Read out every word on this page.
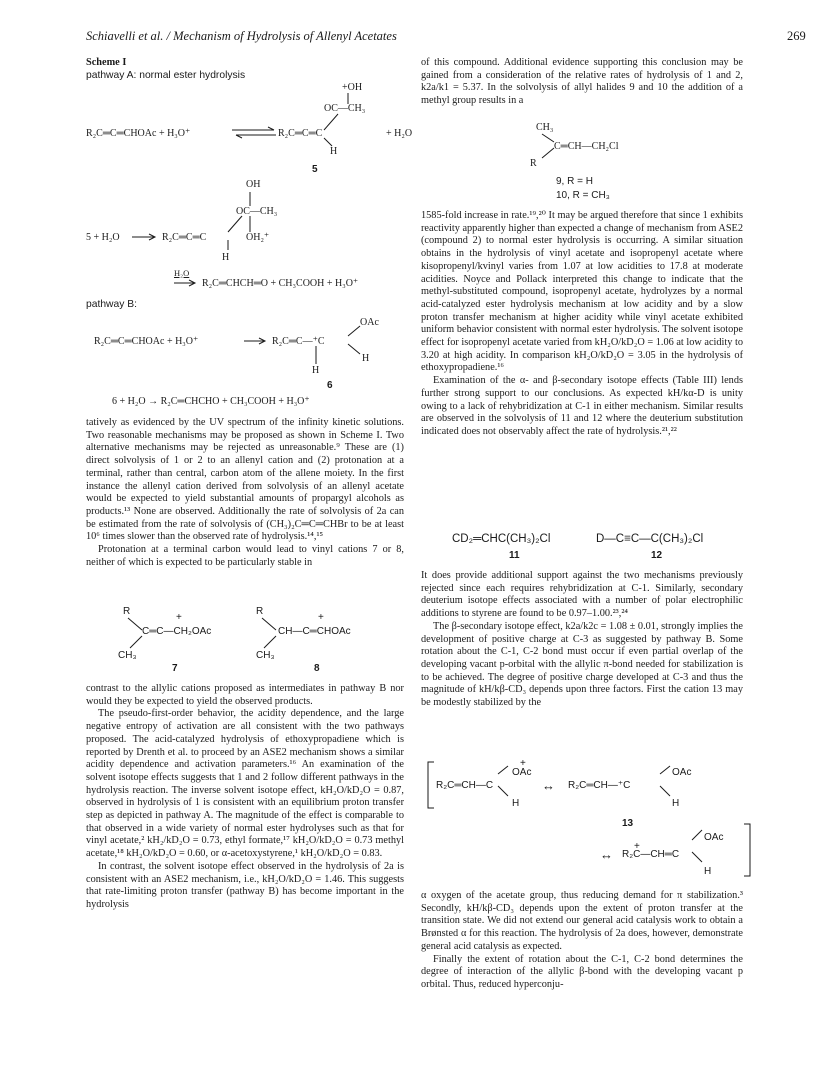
Schiavelli et al. / Mechanism of Hydrolysis of Allenyl Acetates	269
Scheme I
pathway A: normal ester hydrolysis
R₂C═C═CHOAc + H₃O⁺	R₂C═C═C
+OH
OC—CH₃
H
+ H₂O
5
5 + H₂O → R₂C═C═C
OH
OC—CH₃
OH₂⁺
H
H₂O
→ R₂C═CHCH═O + CH₃COOH + H₃O⁺
pathway B:
R₂C═C═CHOAc + H₃O⁺	→ R₂C═C—⁺C
OAc
H
H
6
6 + H₂O → R₂C═CHCHO + CH₃COOH + H₃O⁺

tatively as evidenced by the UV spectrum of the infinity kinetic solutions. Two reasonable mechanisms may be proposed as shown in Scheme I. Two alternative mechanisms may be rejected as unreasonable.⁹ These are (1) direct solvolysis of 1 or 2 to an allenyl cation and (2) protonation at a terminal, rather than central, carbon atom of the allene moiety. In the first instance the allenyl cation derived from solvolysis of an allenyl acetate would be expected to yield substantial amounts of propargyl alcohols as products.¹³ None are observed. Additionally the rate of solvolysis of 2a can be estimated from the rate of solvolysis of (CH₃)₂C═C═CHBr to be at least 10⁶ times slower than the observed rate of hydrolysis.¹⁴,¹⁵

Protonation at a terminal carbon would lead to vinyl cations 7 or 8, neither of which is expected to be particularly stable in

R
+
C═C—CH₂OAc
CH₃
7
R
+
CH—C═CHOAc
CH₃
8

contrast to the allylic cations proposed as intermediates in pathway B nor would they be expected to yield the observed products.

The pseudo-first-order behavior, the acidity dependence, and the large negative entropy of activation are all consistent with the two pathways proposed. The acid-catalyzed hydrolysis of ethoxypropadiene which is reported by Drenth et al. to proceed by an ASE2 mechanism shows a similar acidity dependence and activation parameters.¹⁶ An examination of the solvent isotope effects suggests that 1 and 2 follow different pathways in the hydrolysis reaction. The inverse solvent isotope effect, kH₂O/kD₂O = 0.87, observed in hydrolysis of 1 is consistent with an equilibrium proton transfer step as depicted in pathway A. The magnitude of the effect is comparable to that observed in a wide variety of normal ester hydrolyses such as that for vinyl acetate,² kH₂/kD₂O = 0.73, ethyl formate,¹⁷ kH₂O/kD₂O = 0.73 methyl acetate,¹⁸ kH₂O/kD₂O = 0.60, or α-acetoxystyrene,¹ kH₂O/kD₂O = 0.83.

In contrast, the solvent isotope effect observed in the hydrolysis of 2a is consistent with an ASE2 mechanism, i.e., kH₂O/kD₂O = 1.46. This suggests that rate-limiting proton transfer (pathway B) has become important in the hydrolysis

of this compound. Additional evidence supporting this conclusion may be gained from a consideration of the relative rates of hydrolysis of 1 and 2, k2a/k1 = 5.37. In the solvolysis of allyl halides 9 and 10 the addition of a methyl group results in a

CH₃
C═CH—CH₂Cl
R
9, R = H
10, R = CH₃

1585-fold increase in rate.¹⁹,²⁰ It may be argued therefore that since 1 exhibits reactivity apparently higher than expected a change of mechanism from ASE2 (compound 2) to normal ester hydrolysis is occurring. A similar situation obtains in the hydrolysis of vinyl acetate and isopropenyl acetate where kisopropenyl/kvinyl varies from 1.07 at low acidities to 17.8 at moderate acidities. Noyce and Pollack interpreted this change to indicate that the methyl-substituted compound, isopropenyl acetate, hydrolyzes by a normal acid-catalyzed ester hydrolysis mechanism at low acidity and by a slow proton transfer mechanism at higher acidity while vinyl acetate exhibited uniform behavior consistent with normal ester hydrolysis. The solvent isotope effect for isopropenyl acetate varied from kH₂O/kD₂O = 1.06 at low acidity to 3.20 at high acidity. In comparison kH₂O/kD₂O = 3.05 in the hydrolysis of ethoxypropadiene.¹⁶

Examination of the α- and β-secondary isotope effects (Table III) lends further strong support to our conclusions. As expected kH/kα-D is unity owing to a lack of rehybridization at C-1 in either mechanism. Similar results are observed in the solvolysis of 11 and 12 where the deuterium substitution indicated does not observably affect the rate of hydrolysis.²¹,²²

CD₂═CHC(CH₃)₂Cl	D—C≡C—C(CH₃)₂Cl
11	12

It does provide additional support against the two mechanisms previously rejected since each requires rehybridization at C-1. Similarly, secondary deuterium isotope effects associated with a number of polar electrophilic additions to styrene are found to be 0.97–1.00.²³,²⁴

The β-secondary isotope effect, k2a/k2c = 1.08 ± 0.01, strongly implies the development of positive charge at C-3 as suggested by pathway B. Some rotation about the C-1, C-2 bond must occur if even partial overlap of the developing vacant p-orbital with the allylic π-bond needed for stabilization is to be achieved. The degree of positive charge developed at C-3 and thus the magnitude of kH/kβ-CD₃ depends upon three factors. First the cation 13 may be modestly stabilized by the

+
OAc
R₂C═CH—C
H
↔
OAc
R₂C═CH—⁺C
H
13
↔
+
R₂C—CH═C
OAc
H

α oxygen of the acetate group, thus reducing demand for π stabilization.³ Secondly, kH/kβ-CD₃ depends upon the extent of proton transfer at the transition state. We did not extend our general acid catalysis work to obtain a Brønsted α for this reaction. The hydrolysis of 2a does, however, demonstrate general acid catalysis as expected.

Finally the extent of rotation about the C-1, C-2 bond determines the degree of interaction of the allylic β-bond with the developing vacant p orbital. Thus, reduced hyperconju-
